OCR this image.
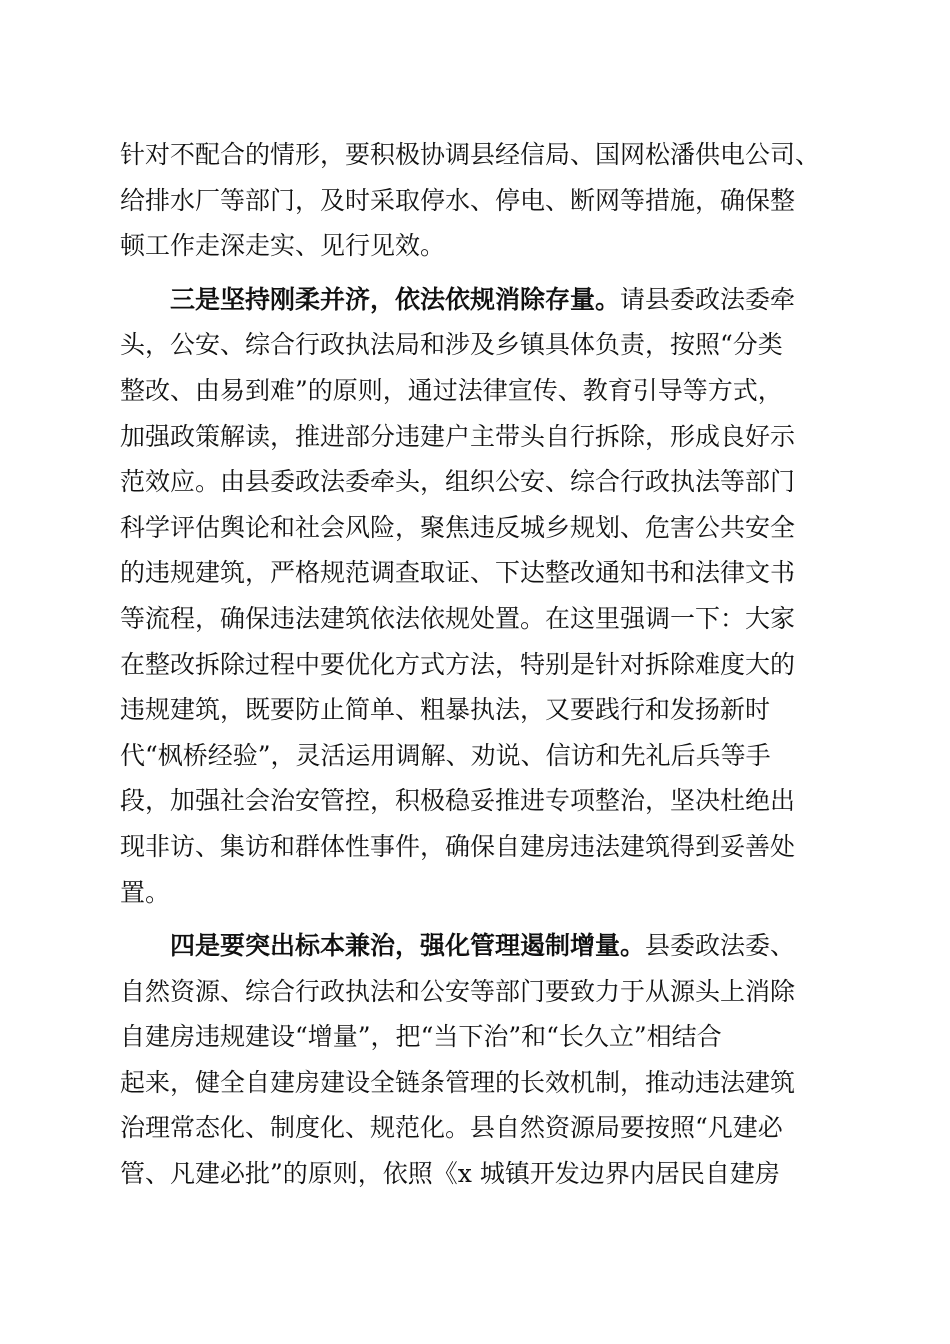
针对不配合的情形，要积极协调县经信局、国网松潘供电公司、
给排水厂等部门，及时采取停水、停电、断网等措施，确保整
顿工作走深走实、见行见效。
三是坚持刚柔并济，依法依规消除存量。请县委政法委牵
头，公安、综合行政执法局和涉及乡镇具体负责，按照“分类
整改、由易到难”的原则，通过法律宣传、教育引导等方式，
加强政策解读，推进部分违建户主带头自行拆除，形成良好示
范效应。由县委政法委牵头，组织公安、综合行政执法等部门
科学评估舆论和社会风险，聚焦违反城乡规划、危害公共安全
的违规建筑，严格规范调查取证、下达整改通知书和法律文书
等流程，确保违法建筑依法依规处置。在这里强调一下：大家
在整改拆除过程中要优化方式方法，特别是针对拆除难度大的
违规建筑，既要防止简单、粗暴执法，又要践行和发扬新时
代“枫桥经验”，灵活运用调解、劝说、信访和先礼后兵等手
段，加强社会治安管控，积极稳妥推进专项整治，坚决杜绝出
现非访、集访和群体性事件，确保自建房违法建筑得到妥善处
置。
四是要突出标本兼治，强化管理遏制增量。县委政法委、
自然资源、综合行政执法和公安等部门要致力于从源头上消除
自建房违规建设“增量”，把“当下治”和“长久立”相结合
起来，健全自建房建设全链条管理的长效机制，推动违法建筑
治理常态化、制度化、规范化。县自然资源局要按照“凡建必
管、凡建必批”的原则，依照《x 城镇开发边界内居民自建房
